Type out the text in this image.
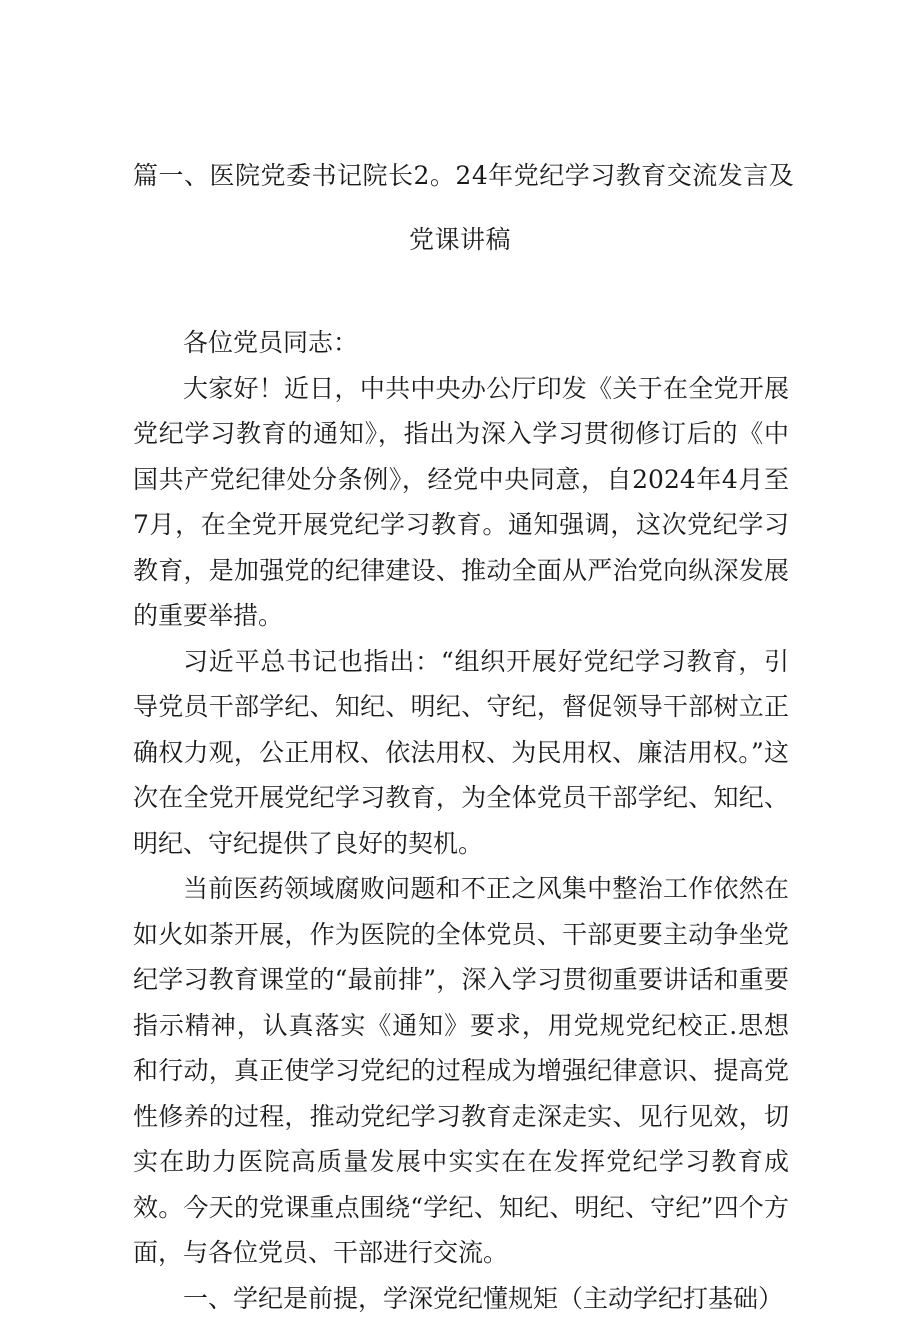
篇一、医院党委书记院长2。24年党纪学习教育交流发言及
党课讲稿

各位党员同志：

大家好！近日，中共中央办公厅印发《关于在全党开展党纪学习教育的通知》，指出为深入学习贯彻修订后的《中国共产党纪律处分条例》，经党中央同意，自2024年4月至7月，在全党开展党纪学习教育。通知强调，这次党纪学习教育，是加强党的纪律建设、推动全面从严治党向纵深发展的重要举措。

习近平总书记也指出：“组织开展好党纪学习教育，引导党员干部学纪、知纪、明纪、守纪，督促领导干部树立正确权力观，公正用权、依法用权、为民用权、廉洁用权。”这次在全党开展党纪学习教育，为全体党员干部学纪、知纪、明纪、守纪提供了良好的契机。

当前医药领域腐败问题和不正之风集中整治工作依然在如火如荼开展，作为医院的全体党员、干部更要主动争坐党纪学习教育课堂的“最前排”，深入学习贯彻重要讲话和重要指示精神，认真落实《通知》要求，用党规党纪校正.思想和行动，真正使学习党纪的过程成为增强纪律意识、提高党性修养的过程，推动党纪学习教育走深走实、见行见效，切实在助力医院高质量发展中实实在在发挥党纪学习教育成效。今天的党课重点围绕“学纪、知纪、明纪、守纪”四个方面，与各位党员、干部进行交流。

一、学纪是前提，学深党纪懂规矩（主动学纪打基础）
